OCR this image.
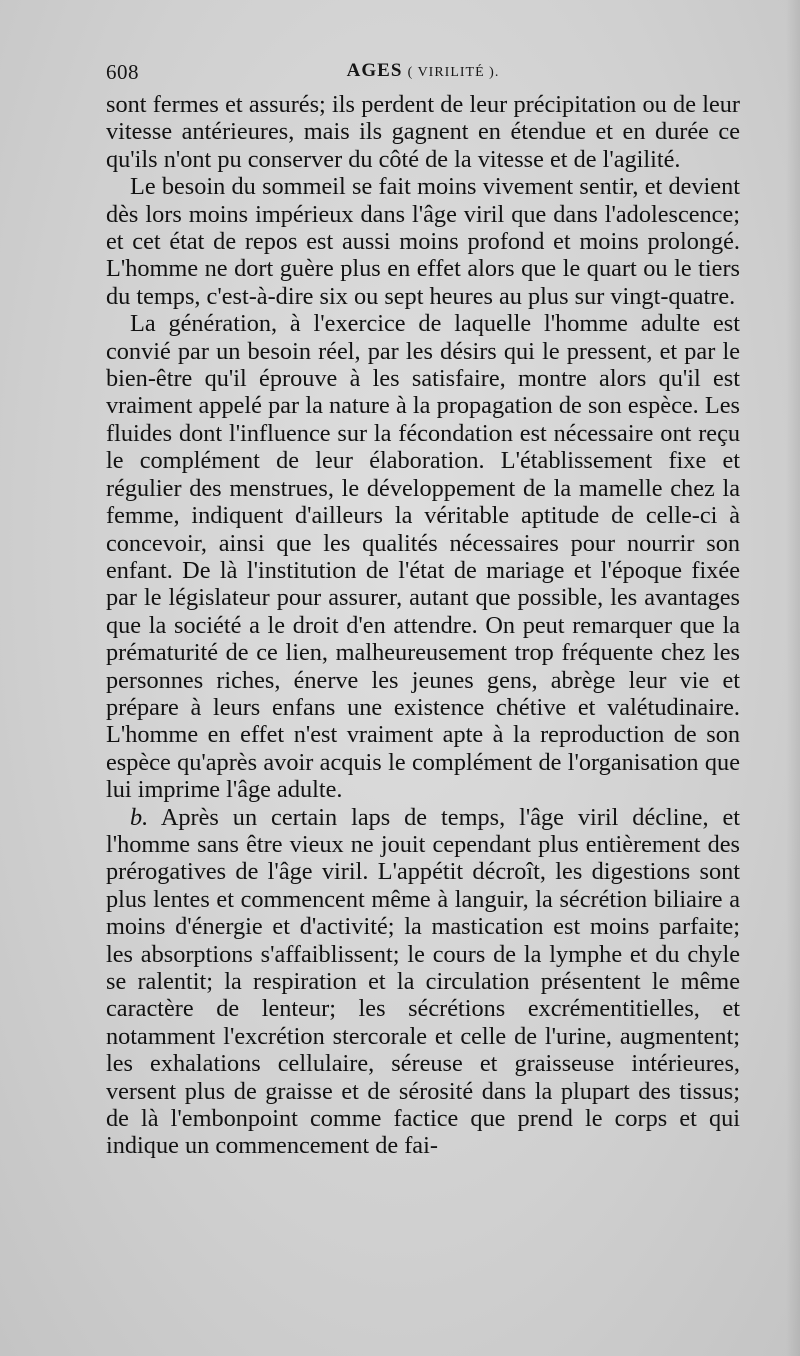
608	AGES ( VIRILITÉ ).

sont fermes et assurés; ils perdent de leur précipitation ou de leur vitesse antérieures, mais ils gagnent en étendue et en durée ce qu'ils n'ont pu conserver du côté de la vitesse et de l'agilité.

Le besoin du sommeil se fait moins vivement sentir, et devient dès lors moins impérieux dans l'âge viril que dans l'adolescence; et cet état de repos est aussi moins profond et moins prolongé. L'homme ne dort guère plus en effet alors que le quart ou le tiers du temps, c'est-à-dire six ou sept heures au plus sur vingt-quatre.

La génération, à l'exercice de laquelle l'homme adulte est convié par un besoin réel, par les désirs qui le pressent, et par le bien-être qu'il éprouve à les satisfaire, montre alors qu'il est vraiment appelé par la nature à la propagation de son espèce. Les fluides dont l'influence sur la fécondation est nécessaire ont reçu le complément de leur élaboration. L'établissement fixe et régulier des menstrues, le développement de la mamelle chez la femme, indiquent d'ailleurs la véritable aptitude de celle-ci à concevoir, ainsi que les qualités nécessaires pour nourrir son enfant. De là l'institution de l'état de mariage et l'époque fixée par le législateur pour assurer, autant que possible, les avantages que la société a le droit d'en attendre. On peut remarquer que la prématurité de ce lien, malheureusement trop fréquente chez les personnes riches, énerve les jeunes gens, abrège leur vie et prépare à leurs enfans une existence chétive et valétudinaire. L'homme en effet n'est vraiment apte à la reproduction de son espèce qu'après avoir acquis le complément de l'organisation que lui imprime l'âge adulte.

b. Après un certain laps de temps, l'âge viril décline, et l'homme sans être vieux ne jouit cependant plus entièrement des prérogatives de l'âge viril. L'appétit décroît, les digestions sont plus lentes et commencent même à languir, la sécrétion biliaire a moins d'énergie et d'activité; la mastication est moins parfaite; les absorptions s'affaiblissent; le cours de la lymphe et du chyle se ralentit; la respiration et la circulation présentent le même caractère de lenteur; les sécrétions excrémentitielles, et notamment l'excrétion stercorale et celle de l'urine, augmentent; les exhalations cellulaire, séreuse et graisseuse intérieures, versent plus de graisse et de sérosité dans la plupart des tissus; de là l'embonpoint comme factice que prend le corps et qui indique un commencement de fai-
